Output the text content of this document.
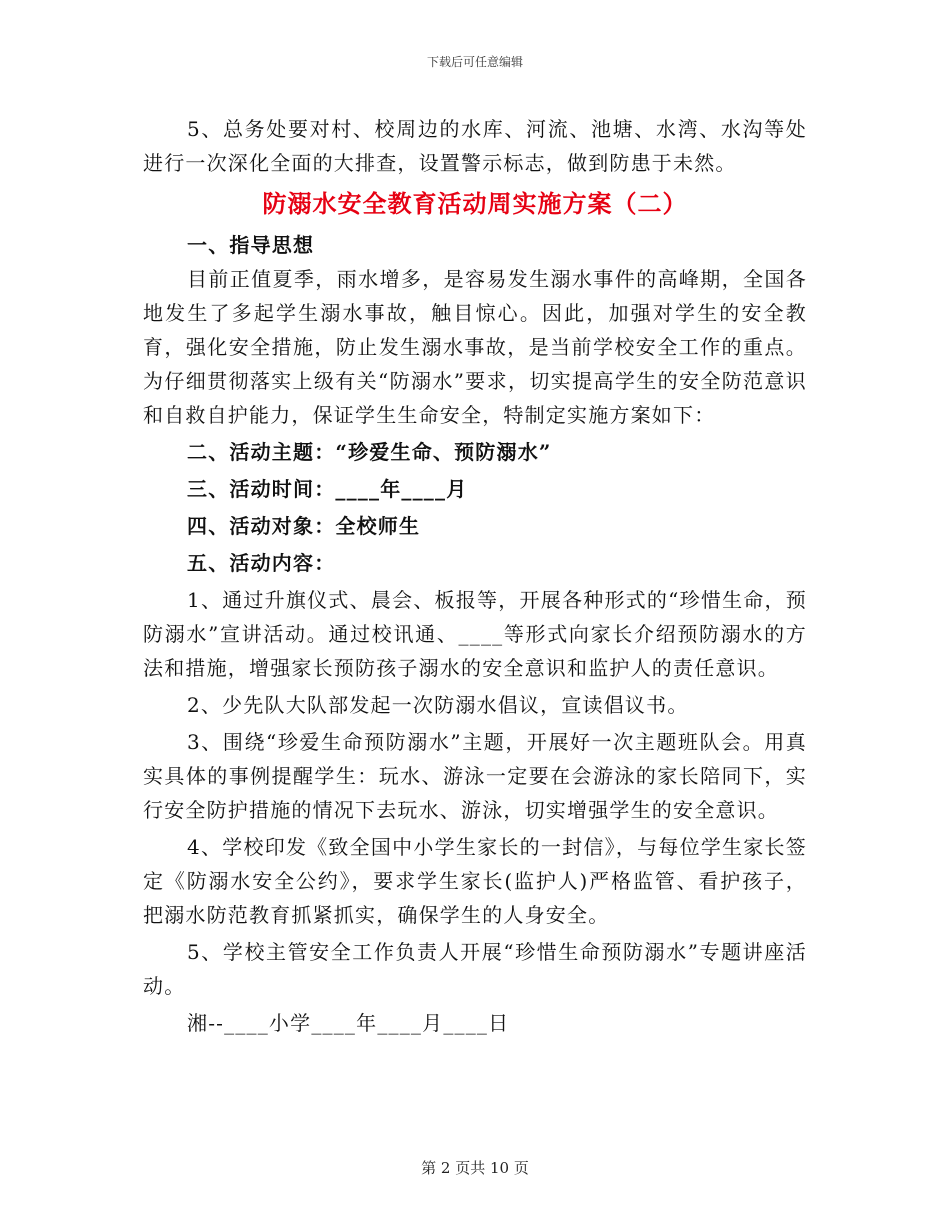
下载后可任意编辑

5、总务处要对村、校周边的水库、河流、池塘、水湾、水沟等处进行一次深化全面的大排查，设置警示标志，做到防患于未然。

防溺水安全教育活动周实施方案（二）

一、指导思想

目前正值夏季，雨水增多，是容易发生溺水事件的高峰期，全国各地发生了多起学生溺水事故，触目惊心。因此，加强对学生的安全教育，强化安全措施，防止发生溺水事故，是当前学校安全工作的重点。为仔细贯彻落实上级有关“防溺水”要求，切实提高学生的安全防范意识和自救自护能力，保证学生生命安全，特制定实施方案如下：

二、活动主题：“珍爱生命、预防溺水”

三、活动时间：____年____月

四、活动对象：全校师生

五、活动内容：

1、通过升旗仪式、晨会、板报等，开展各种形式的“珍惜生命，预防溺水”宣讲活动。通过校讯通、____等形式向家长介绍预防溺水的方法和措施，增强家长预防孩子溺水的安全意识和监护人的责任意识。

2、少先队大队部发起一次防溺水倡议，宣读倡议书。

3、围绕“珍爱生命预防溺水”主题，开展好一次主题班队会。用真实具体的事例提醒学生：玩水、游泳一定要在会游泳的家长陪同下，实行安全防护措施的情况下去玩水、游泳，切实增强学生的安全意识。

4、学校印发《致全国中小学生家长的一封信》，与每位学生家长签定《防溺水安全公约》，要求学生家长(监护人)严格监管、看护孩子，把溺水防范教育抓紧抓实，确保学生的人身安全。

5、学校主管安全工作负责人开展“珍惜生命预防溺水”专题讲座活动。

湘--____小学____年____月____日

第 2 页共 10 页
